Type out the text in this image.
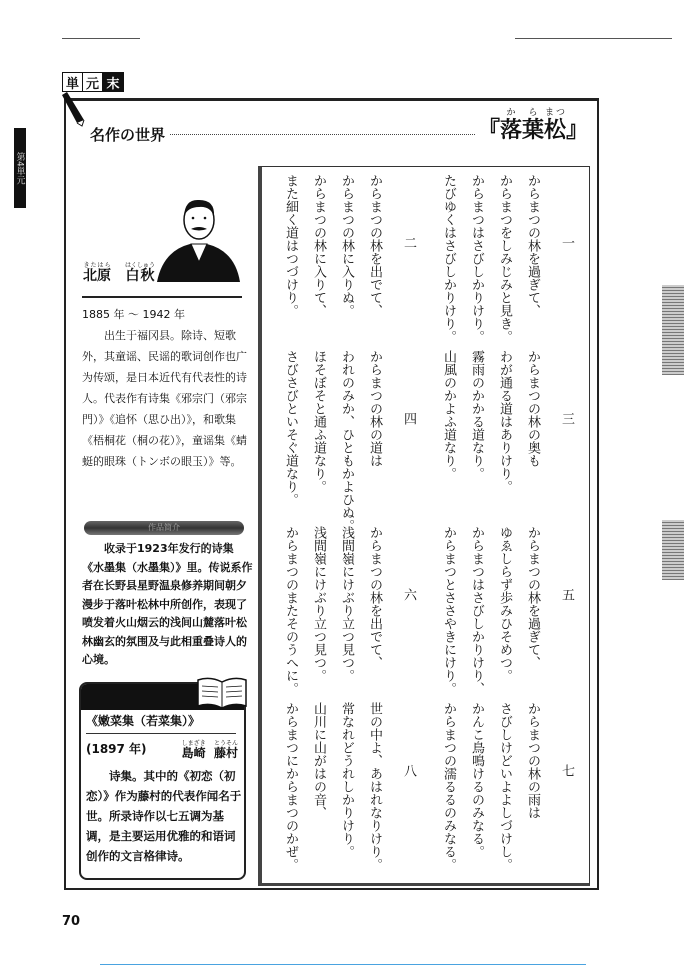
第4単元
単 元 末
名作の世界	『落か葉ら松まつ』
北原きたはら
白秋はくしゅう
1885 年 ～ 1942 年

出生于福冈县。除诗、短歌外，其童谣、民谣的歌词创作也广为传颂，是日本近代有代表性的诗人。代表作有诗集《邪宗门（邪宗門）》《追怀（思ひ出）》，和歌集《梧桐花（桐の花）》，童谣集《蜻蜓的眼珠（トンボの眼玉）》等。

作品简介

收录于1923年发行的诗集《水墨集（水墨集）》里。传说系作者在长野县星野温泉修养期间朝夕漫步于落叶松林中所创作，表现了喷发着火山烟云的浅间山麓落叶松林幽玄的氛围及与此相重叠诗人的心境。

《嫩菜集（若菜集）》
(1897 年)	島崎しまざき  藤村とうそん

诗集。其中的《初恋（初恋）》作为藤村的代表作闻名于世。所录诗作以七五调为基调，是主要运用优雅的和语词创作的文言格律诗。

一
からまつの林を過ぎて、
からまつをしみじみと見き。
からまつはさびしかりけり。
たびゆくはさびしかりけり。
二
からまつの林を出でて、
からまつの林に入りぬ。
からまつの林に入りて、
また細く道はつづけり。
三
からまつの林の奥も
わが通る道はありけり。
霧雨のかかる道なり。
山風のかよふ道なり。
四
からまつの林の道は
われのみか、ひともかよひぬ。
ほそぼそと通ふ道なり。
さびさびといそぐ道なり。
五
からまつの林を過ぎて、
ゆゑしらず歩みひそめつ。
からまつはさびしかりけり、
からまつとささやきにけり。
六
からまつの林を出でて、
浅間嶺にけぶり立つ見つ。
浅間嶺にけぶり立つ見つ。
からまつのまたそのうへに。
七
からまつの林の雨は
さびしけどいよよしづけし。
かんこ鳥鳴けるのみなる。
からまつの濡るるのみなる。
八
世の中よ、あはれなりけり。
常なれどうれしかりけり。
山川に山がはの音、
からまつにからまつのかぜ。
70
